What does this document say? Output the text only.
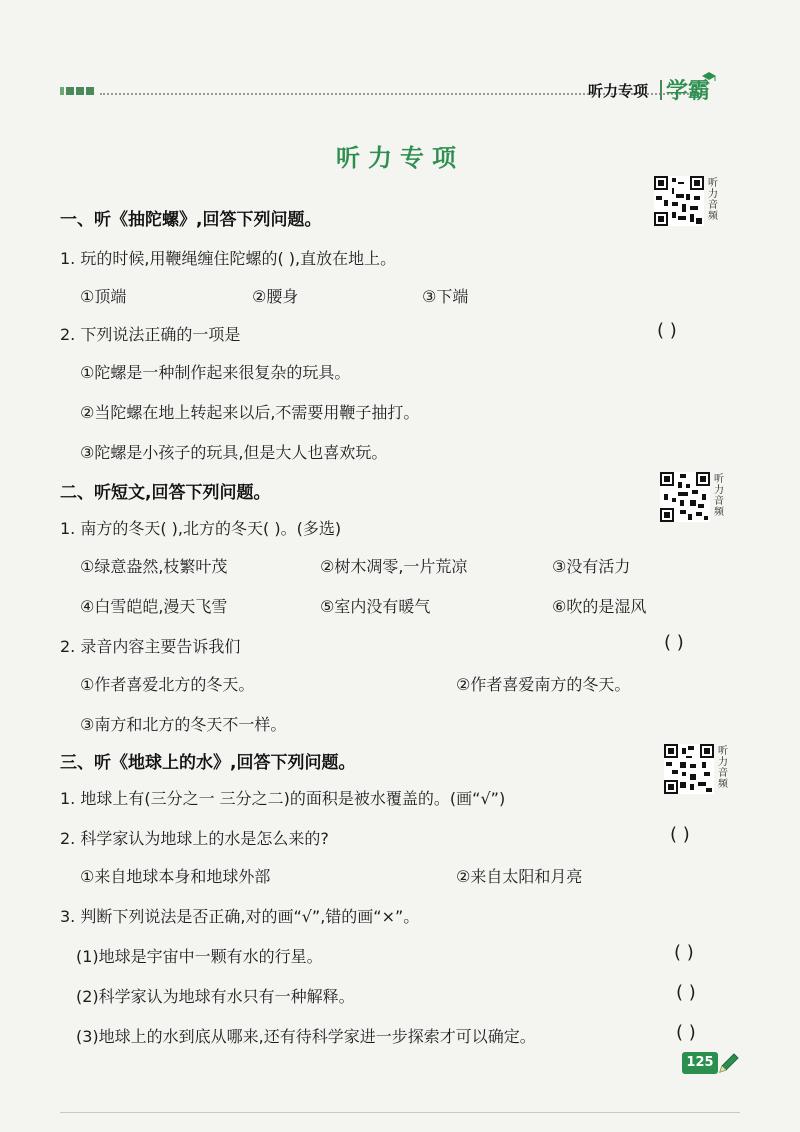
听力专项 学霸
听力专项
听力音频
听力音频
听力音频
一、听《抽陀螺》,回答下列问题。
1. 玩的时候,用鞭绳缠住陀螺的( ),直放在地上。
①顶端	②腰身	③下端
2. 下列说法正确的一项是	( )
①陀螺是一种制作起来很复杂的玩具。
②当陀螺在地上转起来以后,不需要用鞭子抽打。
③陀螺是小孩子的玩具,但是大人也喜欢玩。
二、听短文,回答下列问题。
1. 南方的冬天( ),北方的冬天( )。(多选)
①绿意盎然,枝繁叶茂	②树木凋零,一片荒凉	③没有活力
④白雪皑皑,漫天飞雪	⑤室内没有暖气	⑥吹的是湿风
2. 录音内容主要告诉我们	( )
①作者喜爱北方的冬天。	②作者喜爱南方的冬天。
③南方和北方的冬天不一样。
三、听《地球上的水》,回答下列问题。
1. 地球上有(三分之一 三分之二)的面积是被水覆盖的。(画“√”)
2. 科学家认为地球上的水是怎么来的?	( )
①来自地球本身和地球外部	②来自太阳和月亮
3. 判断下列说法是否正确,对的画“√”,错的画“×”。
(1)地球是宇宙中一颗有水的行星。	( )
(2)科学家认为地球有水只有一种解释。	( )
(3)地球上的水到底从哪来,还有待科学家进一步探索才可以确定。	( )
125
